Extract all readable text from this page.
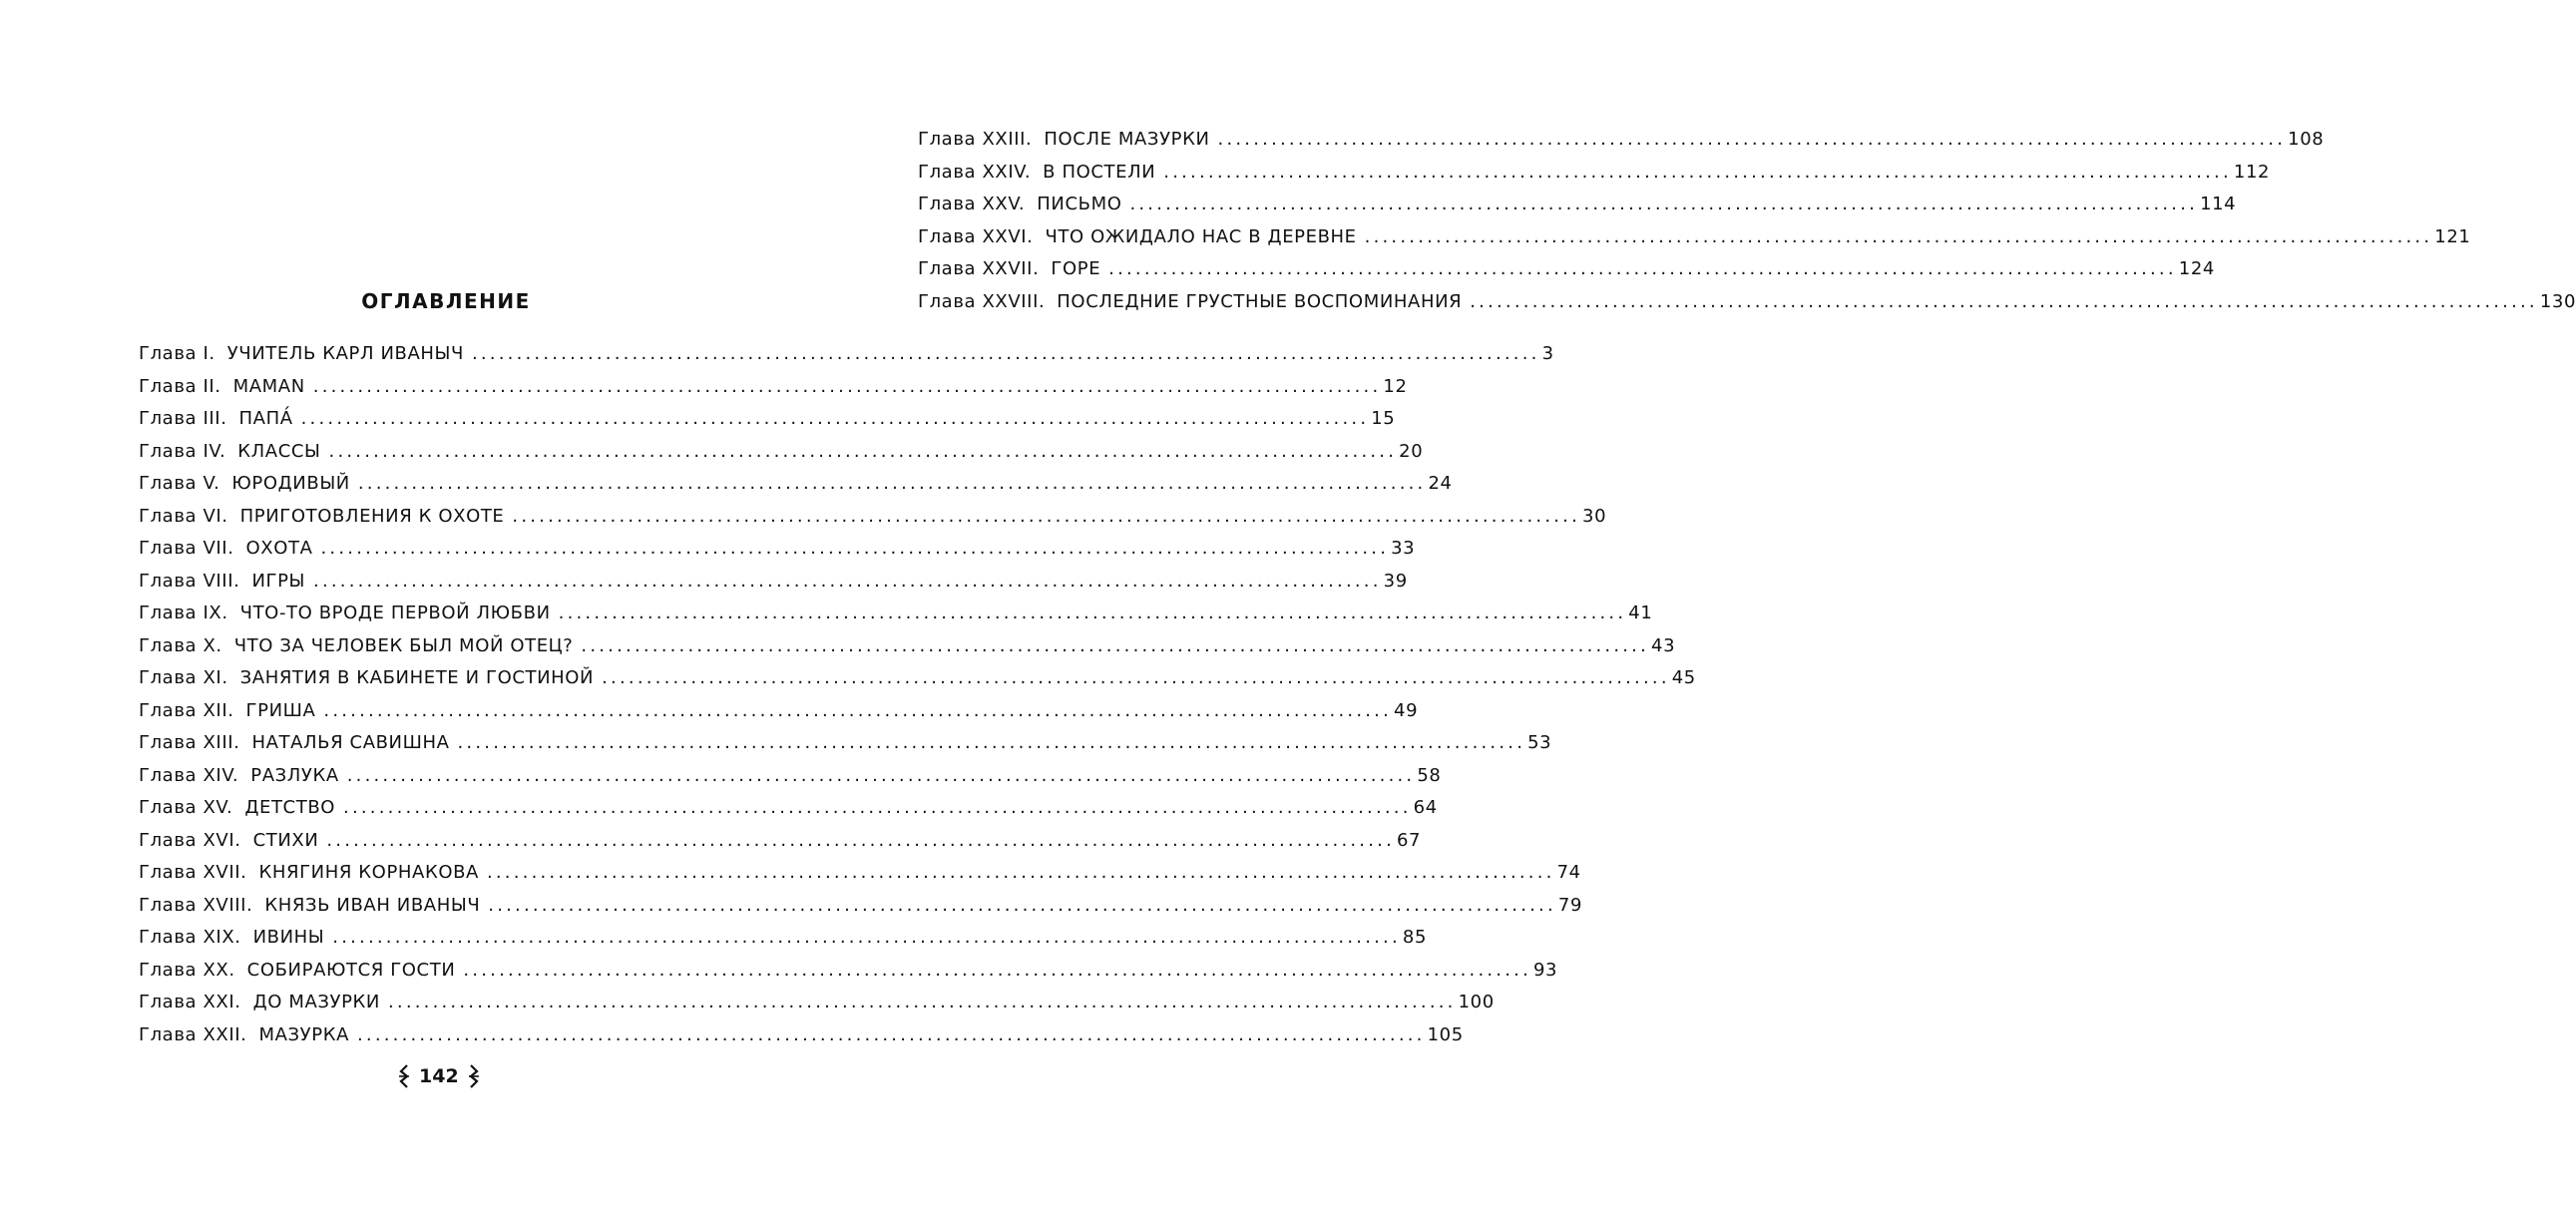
ОГЛАВЛЕНИЕ
Глава I. УЧИТЕЛЬ КАРЛ ИВАНЫЧ ........................................................................................................................ 3
Глава II. MAMAN ........................................................................................................................ 12
Глава III. ПАПА́ ........................................................................................................................ 15
Глава IV. КЛАССЫ ........................................................................................................................ 20
Глава V. ЮРОДИВЫЙ ........................................................................................................................ 24
Глава VI. ПРИГОТОВЛЕНИЯ К ОХОТЕ ........................................................................................................................ 30
Глава VII. ОХОТА ........................................................................................................................ 33
Глава VIII. ИГРЫ ........................................................................................................................ 39
Глава IX. ЧТО-ТО ВРОДЕ ПЕРВОЙ ЛЮБВИ ........................................................................................................................ 41
Глава X. ЧТО ЗА ЧЕЛОВЕК БЫЛ МОЙ ОТЕЦ? ........................................................................................................................ 43
Глава XI. ЗАНЯТИЯ В КАБИНЕТЕ И ГОСТИНОЙ ........................................................................................................................ 45
Глава XII. ГРИША ........................................................................................................................ 49
Глава XIII. НАТАЛЬЯ САВИШНА ........................................................................................................................ 53
Глава XIV. РАЗЛУКА ........................................................................................................................ 58
Глава XV. ДЕТСТВО ........................................................................................................................ 64
Глава XVI. СТИХИ ........................................................................................................................ 67
Глава XVII. КНЯГИНЯ КОРНАКОВА ........................................................................................................................ 74
Глава XVIII. КНЯЗЬ ИВАН ИВАНЫЧ ........................................................................................................................ 79
Глава XIX. ИВИНЫ ........................................................................................................................ 85
Глава XX. СОБИРАЮТСЯ ГОСТИ ........................................................................................................................ 93
Глава XXI. ДО МАЗУРКИ ........................................................................................................................ 100
Глава XXII. МАЗУРКА ........................................................................................................................ 105
142
Глава XXIII. ПОСЛЕ МАЗУРКИ ........................................................................................................................ 108
Глава XXIV. В ПОСТЕЛИ ........................................................................................................................ 112
Глава XXV. ПИСЬМО ........................................................................................................................ 114
Глава XXVI. ЧТО ОЖИДАЛО НАС В ДЕРЕВНЕ ........................................................................................................................ 121
Глава XXVII. ГОРЕ ........................................................................................................................ 124
Глава XXVIII. ПОСЛЕДНИЕ ГРУСТНЫЕ ВОСПОМИНАНИЯ ........................................................................................................................ 130
